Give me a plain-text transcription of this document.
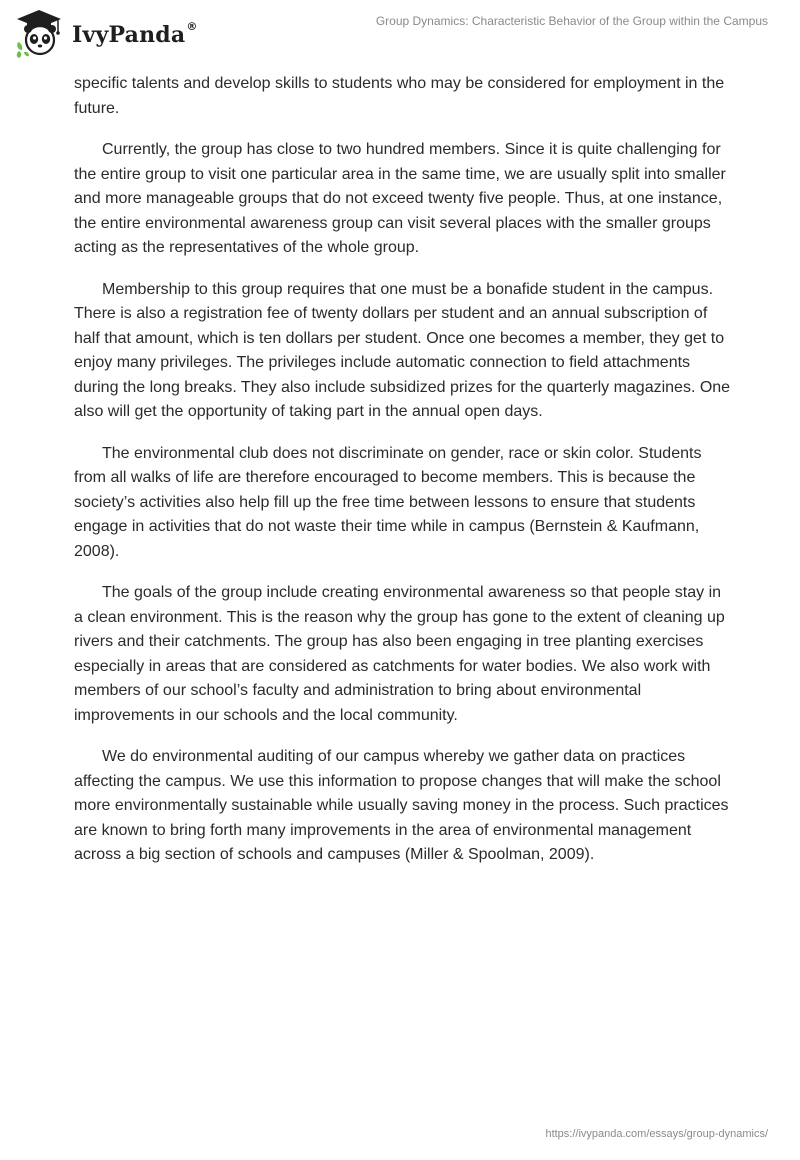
IvyPanda®	Group Dynamics: Characteristic Behavior of the Group within the Campus

specific talents and develop skills to students who may be considered for employment in the future.

Currently, the group has close to two hundred members. Since it is quite challenging for the entire group to visit one particular area in the same time, we are usually split into smaller and more manageable groups that do not exceed twenty five people. Thus, at one instance, the entire environmental awareness group can visit several places with the smaller groups acting as the representatives of the whole group.

Membership to this group requires that one must be a bonafide student in the campus. There is also a registration fee of twenty dollars per student and an annual subscription of half that amount, which is ten dollars per student. Once one becomes a member, they get to enjoy many privileges. The privileges include automatic connection to field attachments during the long breaks. They also include subsidized prizes for the quarterly magazines. One also will get the opportunity of taking part in the annual open days.

The environmental club does not discriminate on gender, race or skin color. Students from all walks of life are therefore encouraged to become members. This is because the society’s activities also help fill up the free time between lessons to ensure that students engage in activities that do not waste their time while in campus (Bernstein & Kaufmann, 2008).

The goals of the group include creating environmental awareness so that people stay in a clean environment. This is the reason why the group has gone to the extent of cleaning up rivers and their catchments. The group has also been engaging in tree planting exercises especially in areas that are considered as catchments for water bodies. We also work with members of our school’s faculty and administration to bring about environmental improvements in our schools and the local community.

We do environmental auditing of our campus whereby we gather data on practices affecting the campus. We use this information to propose changes that will make the school more environmentally sustainable while usually saving money in the process. Such practices are known to bring forth many improvements in the area of environmental management across a big section of schools and campuses (Miller & Spoolman, 2009).

https://ivypanda.com/essays/group-dynamics/
